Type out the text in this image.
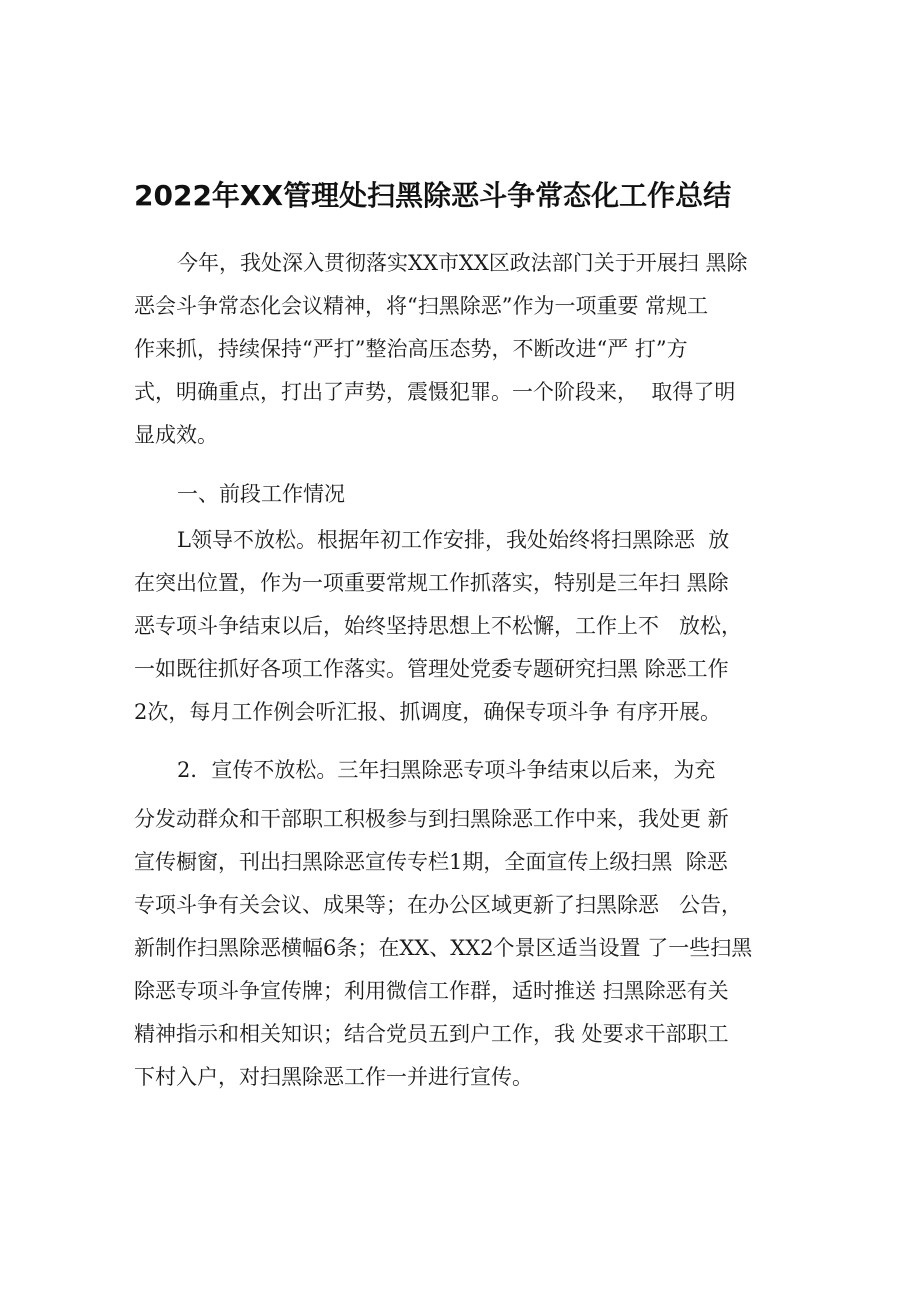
2022年XX管理处扫黑除恶斗争常态化工作总结

今年，我处深入贯彻落实XX市XX区政法部门关于开展扫 黑除

恶会斗争常态化会议精神，将“扫黑除恶”作为一项重要 常规工

作来抓，持续保持“严打”整治高压态势，不断改进“严 打”方

式，明确重点，打出了声势，震慑犯罪。一个阶段来，  取得了明

显成效。

一、前段工作情况

L领导不放松。根据年初工作安排，我处始终将扫黑除恶  放

在突出位置，作为一项重要常规工作抓落实，特别是三年扫 黑除

恶专项斗争结束以后，始终坚持思想上不松懈，工作上不   放松，

一如既往抓好各项工作落实。管理处党委专题研究扫黑 除恶工作

2次，每月工作例会听汇报、抓调度，确保专项斗争 有序开展。

2．宣传不放松。三年扫黑除恶专项斗争结束以后来，为充

分发动群众和干部职工积极参与到扫黑除恶工作中来，我处更 新

宣传橱窗，刊出扫黑除恶宣传专栏1期，全面宣传上级扫黑  除恶

专项斗争有关会议、成果等；在办公区域更新了扫黑除恶   公告，

新制作扫黑除恶横幅6条；在XX、XX2个景区适当设置 了一些扫黑

除恶专项斗争宣传牌；利用微信工作群，适时推送 扫黑除恶有关

精神指示和相关知识；结合党员五到户工作，我 处要求干部职工

下村入户，对扫黑除恶工作一并进行宣传。
